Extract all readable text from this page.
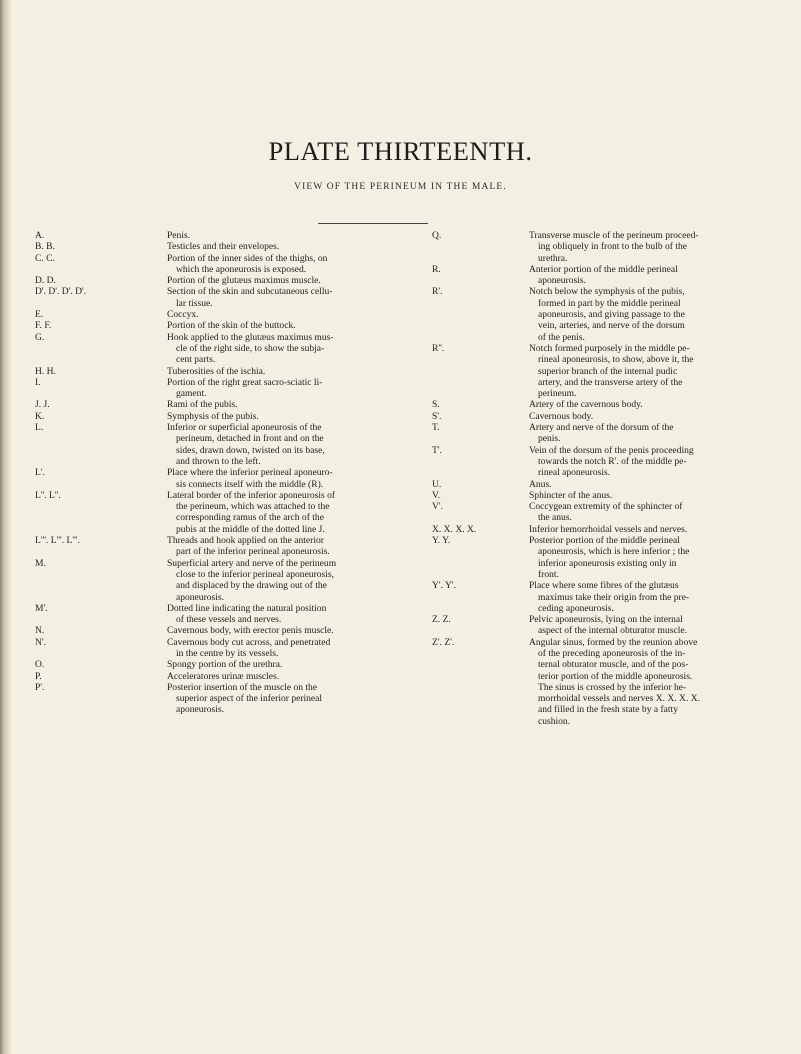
PLATE THIRTEENTH.
VIEW OF THE PERINEUM IN THE MALE.
A.	Penis.
B. B.	Testicles and their envelopes.
C. C.	Portion of the inner sides of the thighs, on
which the aponeurosis is exposed.
D. D.	Portion of the glutæus maximus muscle.
D'. D'. D'. D'.	Section of the skin and subcutaneous cellu-
lar tissue.
E.	Coccyx.
F. F.	Portion of the skin of the buttock.
G.	Hook applied to the glutæus maximus mus-
cle of the right side, to show the subja-
cent parts.
H. H.	Tuberosities of the ischia.
I.	Portion of the right great sacro-sciatic li-
gament.
J. J.	Rami of the pubis.
K.	Symphysis of the pubis.
L.	Inferior or superficial aponeurosis of the
perineum, detached in front and on the
sides, drawn down, twisted on its base,
and thrown to the left.
L'.	Place where the inferior perineal aponeuro-
sis connects itself with the middle (R).
L''. L''.	Lateral border of the inferior aponeurosis of
the perineum, which was attached to the
corresponding ramus of the arch of the
pubis at the middle of the dotted line J.
L'''. L'''. L'''.	Threads and hook applied on the anterior
part of the inferior perineal aponeurosis.
M.	Superficial artery and nerve of the perineum
close to the inferior perineal aponeurosis,
and displaced by the drawing out of the
aponeurosis.
M'.	Dotted line indicating the natural position
of these vessels and nerves.
N.	Cavernous body, with erector penis muscle.
N'.	Cavernous body cut across, and penetrated
in the centre by its vessels.
O.	Spongy portion of the urethra.
P.	Acceleratores urinæ muscles.
P'.	Posterior insertion of the muscle on the
superior aspect of the inferior perineal
aponeurosis.
Q.	Transverse muscle of the perineum proceed-
ing obliquely in front to the bulb of the
urethra.
R.	Anterior portion of the middle perineal
aponeurosis.
R'.	Notch below the symphysis of the pubis,
formed in part by the middle perineal
aponeurosis, and giving passage to the
vein, arteries, and nerve of the dorsum
of the penis.
R''.	Notch formed purposely in the middle pe-
rineal aponeurosis, to show, above it, the
superior branch of the internal pudic
artery, and the transverse artery of the
perineum.
S.	Artery of the cavernous body.
S'.	Cavernous body.
T.	Artery and nerve of the dorsum of the
penis.
T'.	Vein of the dorsum of the penis proceeding
towards the notch R'. of the middle pe-
rineal aponeurosis.
U.	Anus.
V.	Sphincter of the anus.
V'.	Coccygean extremity of the sphincter of
the anus.
X. X. X. X.	Inferior hemorrhoidal vessels and nerves.
Y. Y.	Posterior portion of the middle perineal
aponeurosis, which is here inferior ; the
inferior aponeurosis existing only in
front.
Y'. Y'.	Place where some fibres of the glutæus
maximus take their origin from the pre-
ceding aponeurosis.
Z. Z.	Pelvic aponeurosis, lying on the internal
aspect of the internal obturator muscle.
Z'. Z'.	Angular sinus, formed by the reunion above
of the preceding aponeurosis of the in-
ternal obturator muscle, and of the pos-
terior portion of the middle aponeurosis.
The sinus is crossed by the inferior he-
morrhoidal vessels and nerves X. X. X. X.
and filled in the fresh state by a fatty
cushion.
